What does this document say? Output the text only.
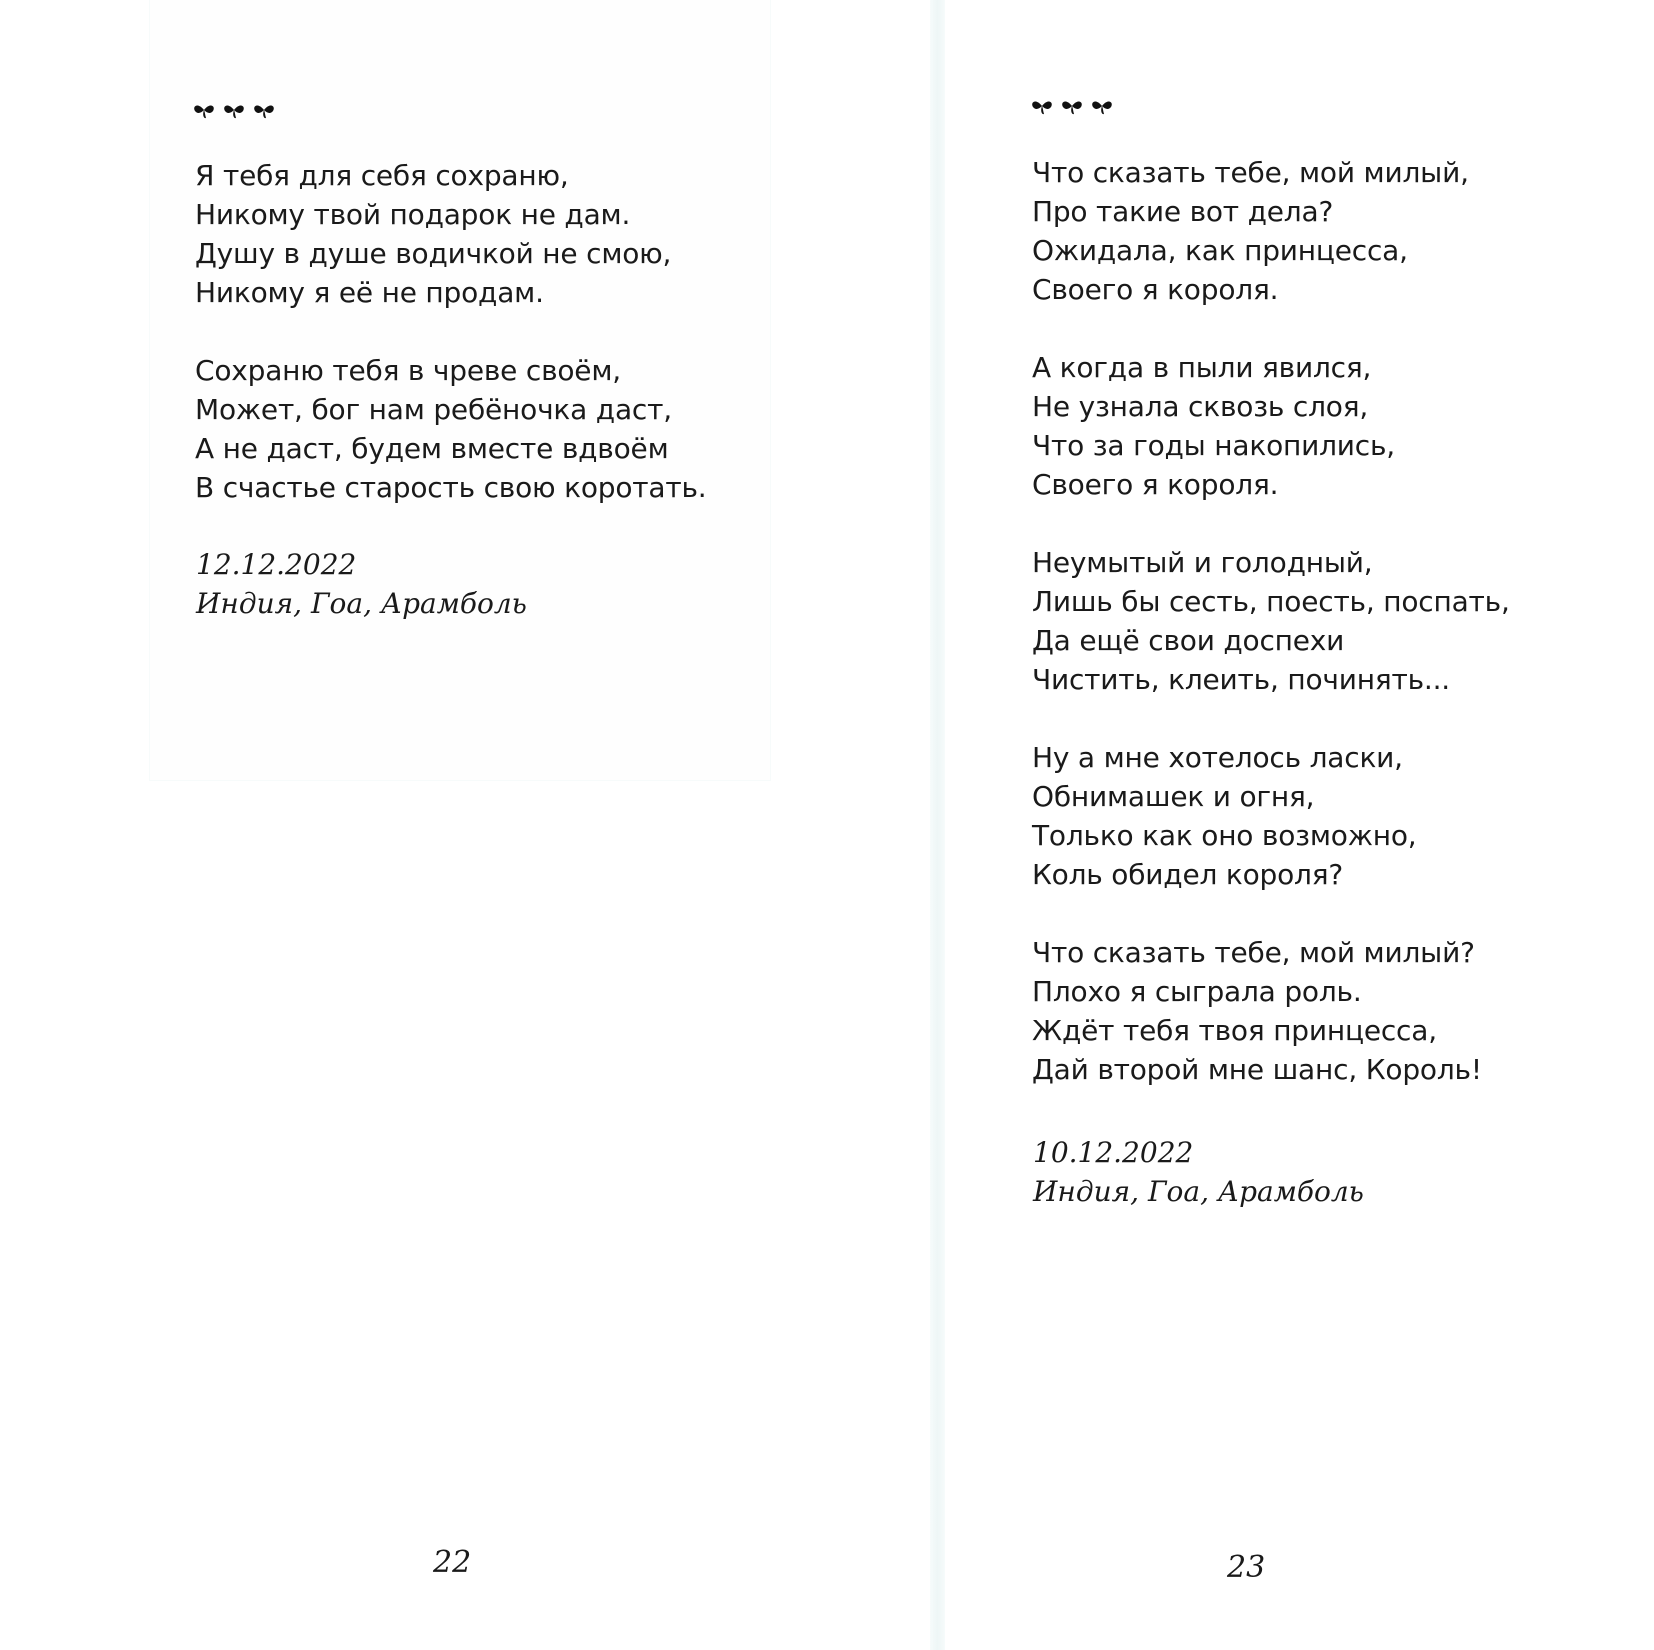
Я тебя для себя сохраню,
Никому твой подарок не дам.
Душу в душе водичкой не смою,
Никому я её не продам.
Сохраню тебя в чреве своём,
Может, бог нам ребёночка даст,
А не даст, будем вместе вдвоём
В счастье старость свою коротать.
12.12.2022
Индия, Гоа, Арамболь
22
Что сказать тебе, мой милый,
Про такие вот дела?
Ожидала, как принцесса,
Своего я короля.
А когда в пыли явился,
Не узнала сквозь слоя,
Что за годы накопились,
Своего я короля.
Неумытый и голодный,
Лишь бы сесть, поесть, поспать,
Да ещё свои доспехи
Чистить, клеить, починять...
Ну а мне хотелось ласки,
Обнимашек и огня,
Только как оно возможно,
Коль обидел короля?
Что сказать тебе, мой милый?
Плохо я сыграла роль.
Ждёт тебя твоя принцесса,
Дай второй мне шанс, Король!
10.12.2022
Индия, Гоа, Арамболь
23
